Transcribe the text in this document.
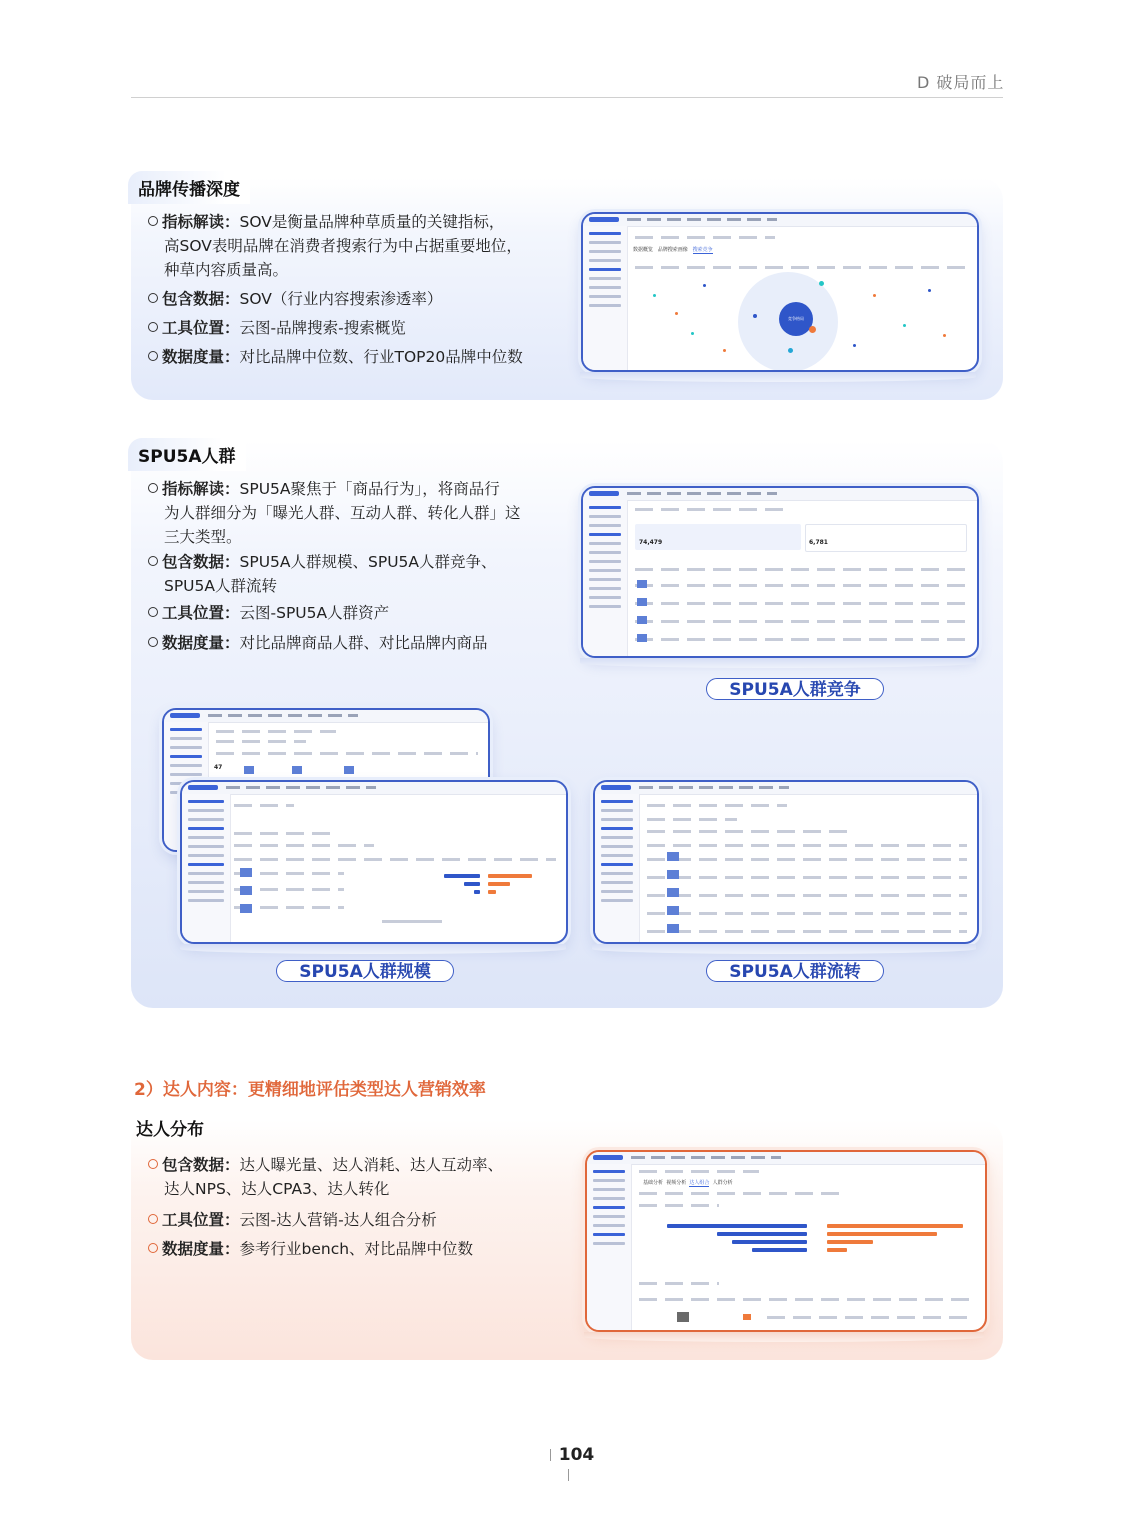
D 破局而上
品牌传播深度
指标解读：SOV是衡量品牌种草质量的关键指标，
高SOV表明品牌在消费者搜索行为中占据重要地位，
种草内容质量高。
包含数据：SOV（行业内容搜索渗透率）
工具位置：云图-品牌搜索-搜索概览
数据度量：对比品牌中位数、行业TOP20品牌中位数
数据概览 品牌搜索画像 搜索竞争
竞争格局
SPU5A人群
指标解读：SPU5A聚焦于「商品行为」，将商品行
为人群细分为「曝光人群、互动人群、转化人群」这
三大类型。
包含数据：SPU5A人群规模、SPU5A人群竞争、
SPU5A人群流转
工具位置：云图-SPU5A人群资产
数据度量：对比品牌商品人群、对比品牌内商品
74,479	6,781
SPU5A人群竞争
47
SPU5A人群规模	SPU5A人群流转
2）达人内容：更精细地评估类型达人营销效率
达人分布
包含数据：达人曝光量、达人消耗、达人互动率、
达人NPS、达人CPA3、达人转化
工具位置：云图-达人营销-达人组合分析
数据度量：参考行业bench、对比品牌中位数
基础分析 视频分析 达人组合 人群分析
104
